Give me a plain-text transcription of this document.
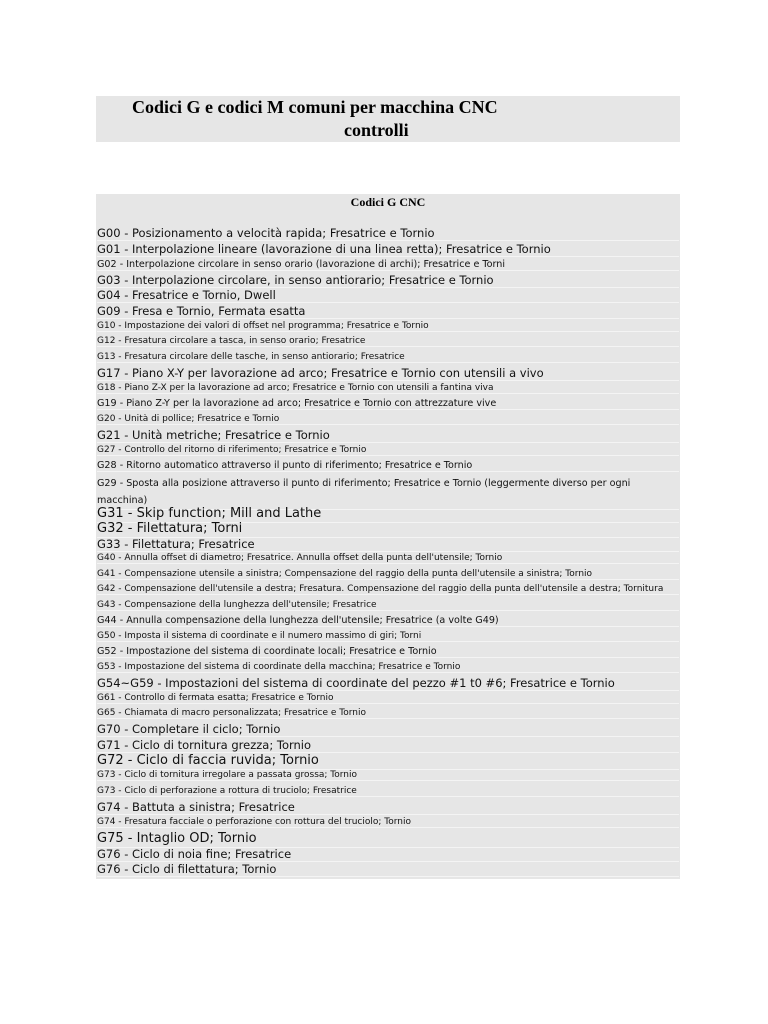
Codici G e codici M comuni per macchina CNC
controlli
Codici G CNC
G00 - Posizionamento a velocità rapida; Fresatrice e Tornio
G01 - Interpolazione lineare (lavorazione di una linea retta); Fresatrice e Tornio
G02 - Interpolazione circolare in senso orario (lavorazione di archi); Fresatrice e Torni
G03 - Interpolazione circolare, in senso antiorario; Fresatrice e Tornio
G04 - Fresatrice e Tornio, Dwell
G09 - Fresa e Tornio, Fermata esatta
G10 - Impostazione dei valori di offset nel programma; Fresatrice e Tornio
G12 - Fresatura circolare a tasca, in senso orario; Fresatrice
G13 - Fresatura circolare delle tasche, in senso antiorario; Fresatrice
G17 - Piano X-Y per lavorazione ad arco; Fresatrice e Tornio con utensili a vivo
G18 - Piano Z-X per la lavorazione ad arco; Fresatrice e Tornio con utensili a fantina viva
G19 - Piano Z-Y per la lavorazione ad arco; Fresatrice e Tornio con attrezzature vive
G20 - Unità di pollice; Fresatrice e Tornio
G21 - Unità metriche; Fresatrice e Tornio
G27 - Controllo del ritorno di riferimento; Fresatrice e Tornio
G28 - Ritorno automatico attraverso il punto di riferimento; Fresatrice e Tornio
G29 - Sposta alla posizione attraverso il punto di riferimento; Fresatrice e Tornio (leggermente diverso per ogni macchina)
G31 - Skip function; Mill and Lathe
G32 - Filettatura; Torni
G33 - Filettatura; Fresatrice
G40 - Annulla offset di diametro; Fresatrice. Annulla offset della punta dell'utensile; Tornio
G41 - Compensazione utensile a sinistra; Compensazione del raggio della punta dell'utensile a sinistra; Tornio
G42 - Compensazione dell'utensile a destra; Fresatura. Compensazione del raggio della punta dell'utensile a destra; Tornitura
G43 - Compensazione della lunghezza dell'utensile; Fresatrice
G44 - Annulla compensazione della lunghezza dell'utensile; Fresatrice (a volte G49)
G50 - Imposta il sistema di coordinate e il numero massimo di giri; Torni
G52 - Impostazione del sistema di coordinate locali; Fresatrice e Tornio
G53 - Impostazione del sistema di coordinate della macchina; Fresatrice e Tornio
G54~G59 - Impostazioni del sistema di coordinate del pezzo #1 t0 #6; Fresatrice e Tornio
G61 - Controllo di fermata esatta; Fresatrice e Tornio
G65 - Chiamata di macro personalizzata; Fresatrice e Tornio
G70 - Completare il ciclo; Tornio
G71 - Ciclo di tornitura grezza; Tornio
G72 - Ciclo di faccia ruvida; Tornio
G73 - Ciclo di tornitura irregolare a passata grossa; Tornio
G73 - Ciclo di perforazione a rottura di truciolo; Fresatrice
G74 - Battuta a sinistra; Fresatrice
G74 - Fresatura facciale o perforazione con rottura del truciolo; Tornio
G75 - Intaglio OD; Tornio
G76 - Ciclo di noia fine; Fresatrice
G76 - Ciclo di filettatura; Tornio
